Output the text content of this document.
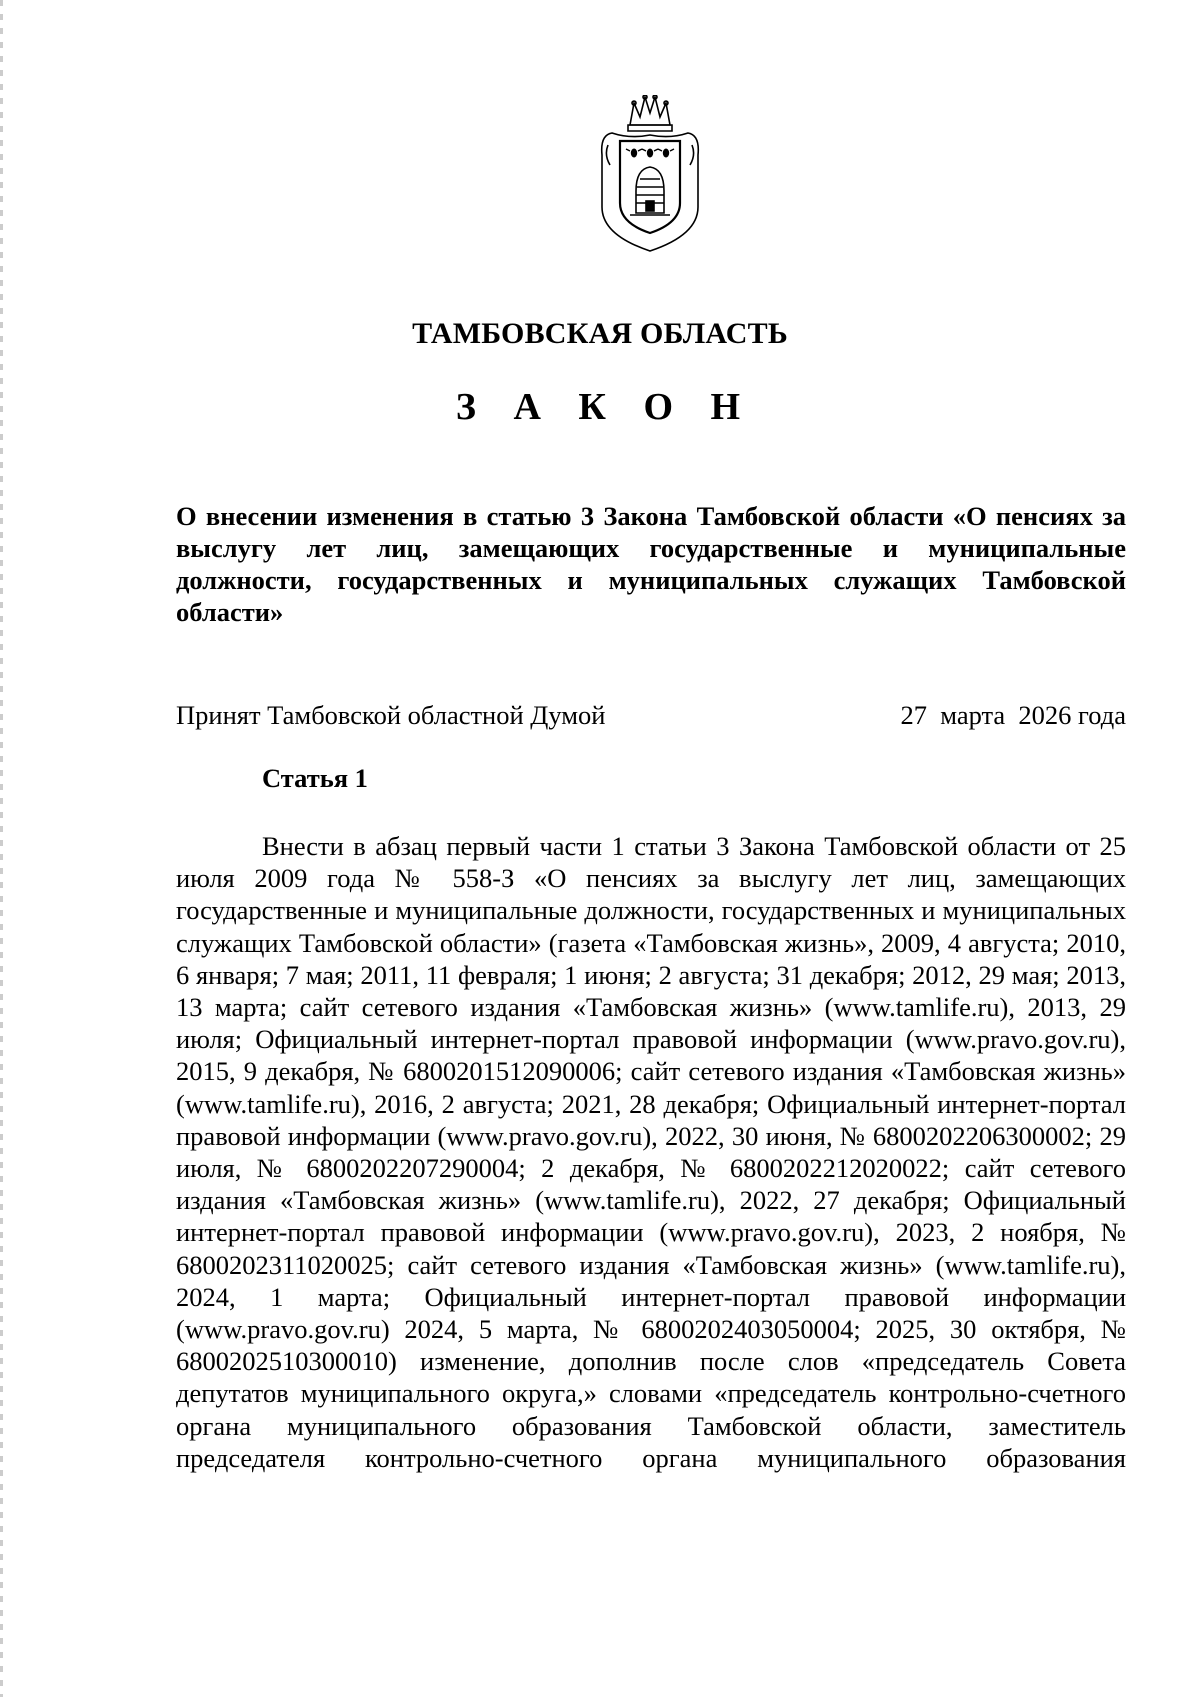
ТАМБОВСКАЯ ОБЛАСТЬ
З А К О Н
О внесении изменения в статью 3 Закона Тамбовской области «О пенсиях за выслугу лет лиц, замещающих государственные и муниципальные должности, государственных и муниципальных служащих Тамбовской области»
Принят Тамбовской областной Думой	27  марта  2026 года
Статья 1

Внести в абзац первый части 1 статьи 3 Закона Тамбовской области от 25 июля 2009 года № 558-З «О пенсиях за выслугу лет лиц, замещающих государственные и муниципальные должности, государственных и муниципальных служащих Тамбовской области» (газета «Тамбовская жизнь», 2009, 4 августа; 2010, 6 января; 7 мая; 2011, 11 февраля; 1 июня; 2 августа; 31 декабря; 2012, 29 мая; 2013, 13 марта; сайт сетевого издания «Тамбовская жизнь» (www.tamlife.ru), 2013, 29 июля; Официальный интернет-портал правовой информации (www.pravo.gov.ru), 2015, 9 декабря, № 6800201512090006; сайт сетевого издания «Тамбовская жизнь» (www.tamlife.ru), 2016, 2 августа; 2021, 28 декабря; Официальный интернет-портал правовой информации (www.pravo.gov.ru), 2022, 30 июня, № 6800202206300002; 29 июля, № 6800202207290004; 2 декабря, № 6800202212020022; сайт сетевого издания «Тамбовская жизнь» (www.tamlife.ru), 2022, 27 декабря; Официальный интернет-портал правовой информации (www.pravo.gov.ru), 2023, 2 ноября, № 6800202311020025; сайт сетевого издания «Тамбовская жизнь» (www.tamlife.ru), 2024, 1 марта; Официальный интернет-портал правовой информации (www.pravo.gov.ru) 2024, 5 марта, № 6800202403050004; 2025, 30 октября, № 6800202510300010) изменение, дополнив после слов «председатель Совета депутатов муниципального округа,» словами «председатель контрольно-счетного органа муниципального образования Тамбовской области, заместитель председателя контрольно-счетного органа муниципального образования
